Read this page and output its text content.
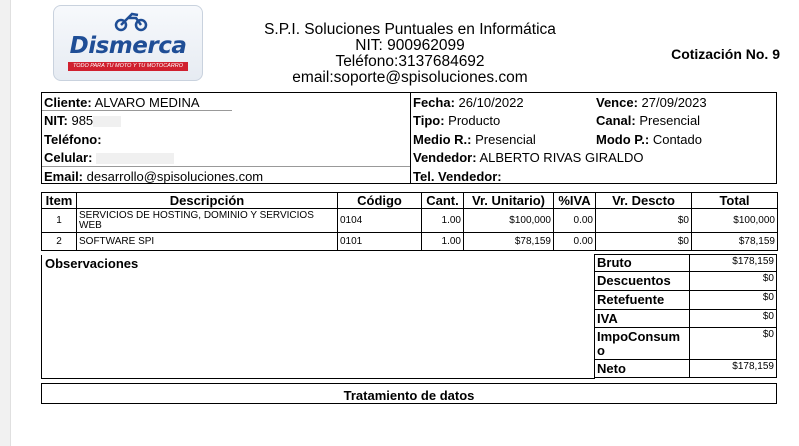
Dismerca
TODO PARA TU MOTO Y TU MOTOCARRO
S.P.I. Soluciones Puntuales en Informática
NIT: 900962099
Teléfono:3137684692
email:soporte@spisoluciones.com
Cotización No. 9
Cliente: ALVARO MEDINA
NIT: 985
Teléfono:
Celular:
Email: desarrollo@spisoluciones.com
Fecha: 26/10/2022	Vence: 27/09/2023
Tipo: Producto	Canal: Presencial
Medio R.: Presencial	Modo P.: Contado
Vendedor: ALBERTO RIVAS GIRALDO
Tel. Vendedor:
Item	Descripción	Código	Cant.	Vr. Unitario)	%IVA	Vr. Descto	Total
1	SERVICIOS DE HOSTING, DOMINIO Y SERVICIOS WEB	0104	1.00	$100,000	0.00	$0	$100,000
2	SOFTWARE SPI	0101	1.00	$78,159	0.00	$0	$78,159
Observaciones	Bruto	$178,159
Descuentos	$0
Retefuente	$0
IVA	$0
ImpoConsumo	$0
Neto	$178,159
Tratamiento de datos
